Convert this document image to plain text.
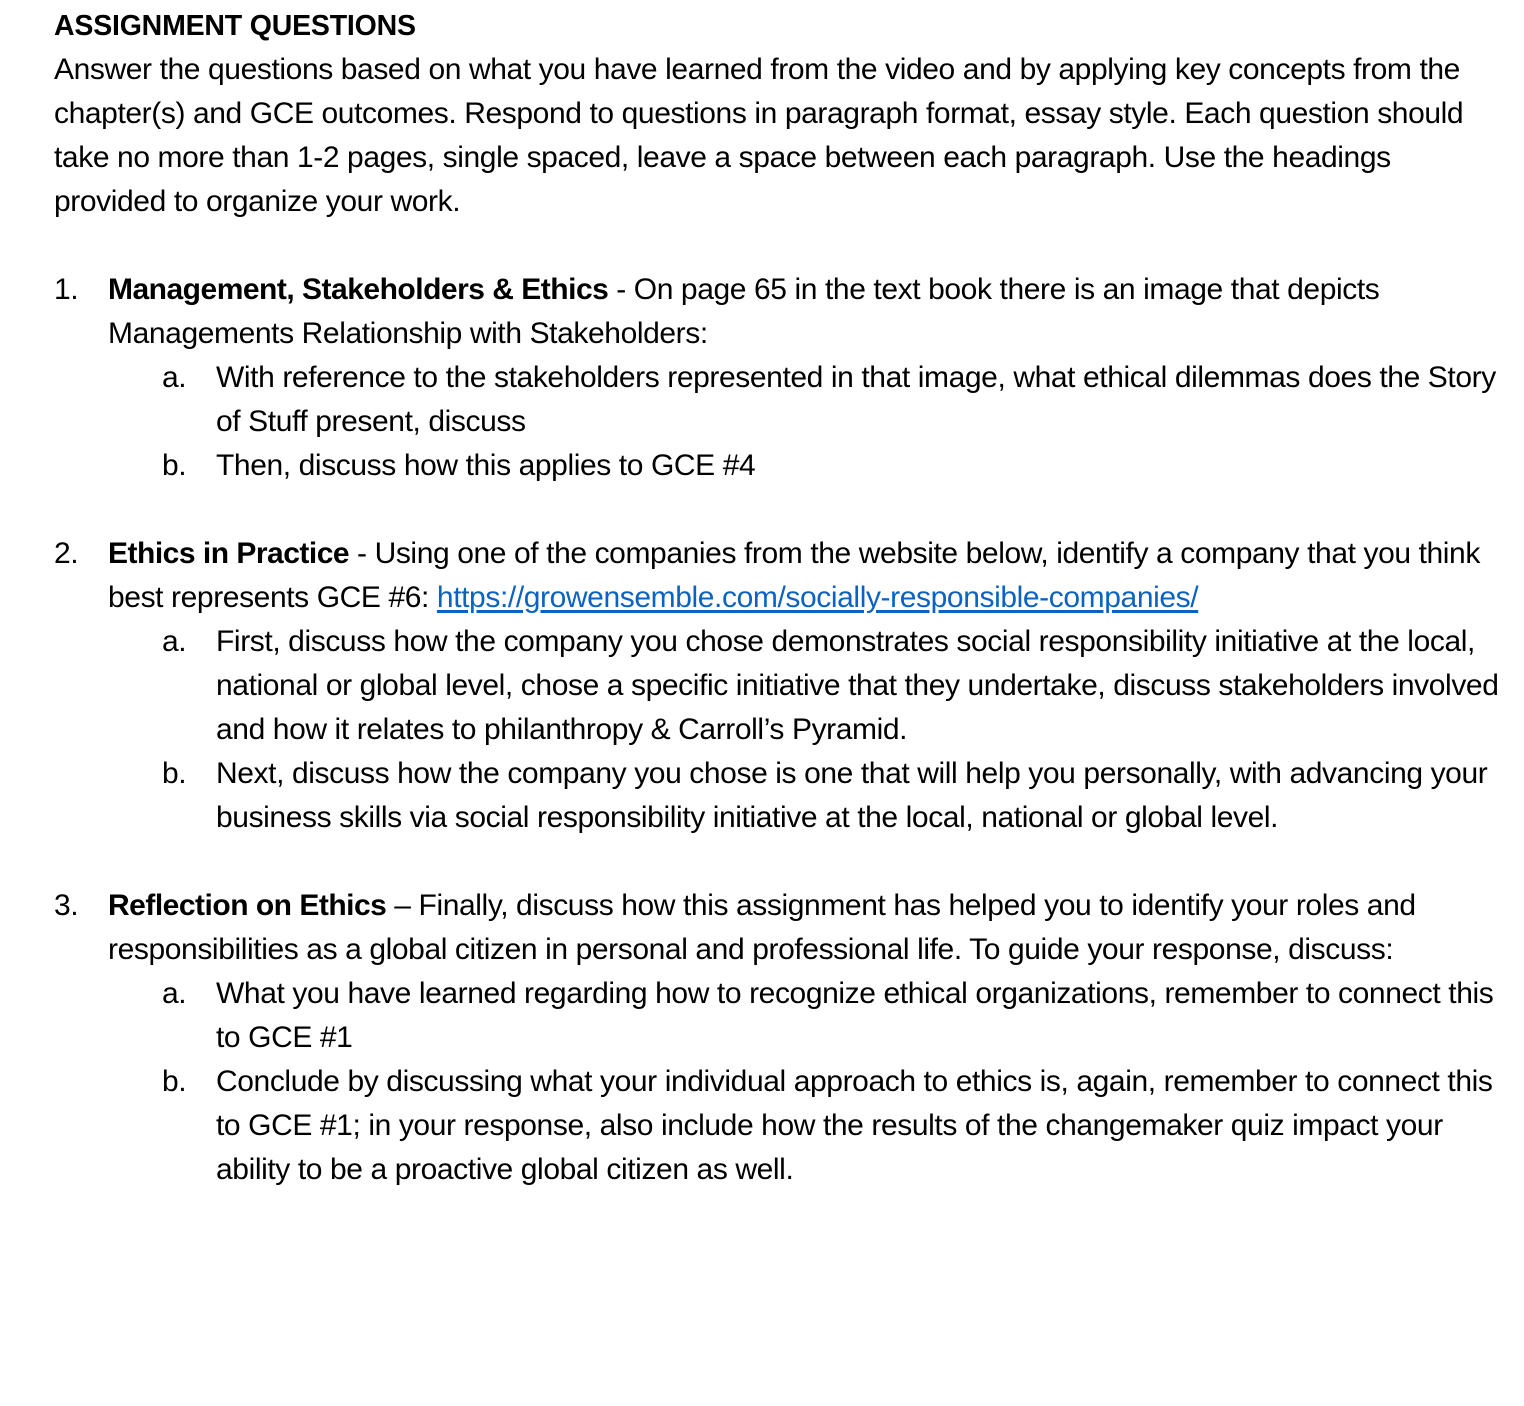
ASSIGNMENT QUESTIONS

Answer the questions based on what you have learned from the video and by applying key concepts from the chapter(s) and GCE outcomes. Respond to questions in paragraph format, essay style. Each question should take no more than 1-2 pages, single spaced, leave a space between each paragraph. Use the headings provided to organize your work.

1. Management, Stakeholders & Ethics - On page 65 in the text book there is an image that depicts Managements Relationship with Stakeholders:
a. With reference to the stakeholders represented in that image, what ethical dilemmas does the Story of Stuff present, discuss
b. Then, discuss how this applies to GCE #4
2. Ethics in Practice - Using one of the companies from the website below, identify a company that you think best represents GCE #6: https://growensemble.com/socially-responsible-companies/
a. First, discuss how the company you chose demonstrates social responsibility initiative at the local, national or global level, chose a specific initiative that they undertake, discuss stakeholders involved and how it relates to philanthropy & Carroll’s Pyramid.
b. Next, discuss how the company you chose is one that will help you personally, with advancing your business skills via social responsibility initiative at the local, national or global level.
3. Reflection on Ethics – Finally, discuss how this assignment has helped you to identify your roles and responsibilities as a global citizen in personal and professional life. To guide your response, discuss:
a. What you have learned regarding how to recognize ethical organizations, remember to connect this to GCE #1
b. Conclude by discussing what your individual approach to ethics is, again, remember to connect this to GCE #1; in your response, also include how the results of the changemaker quiz impact your ability to be a proactive global citizen as well.
